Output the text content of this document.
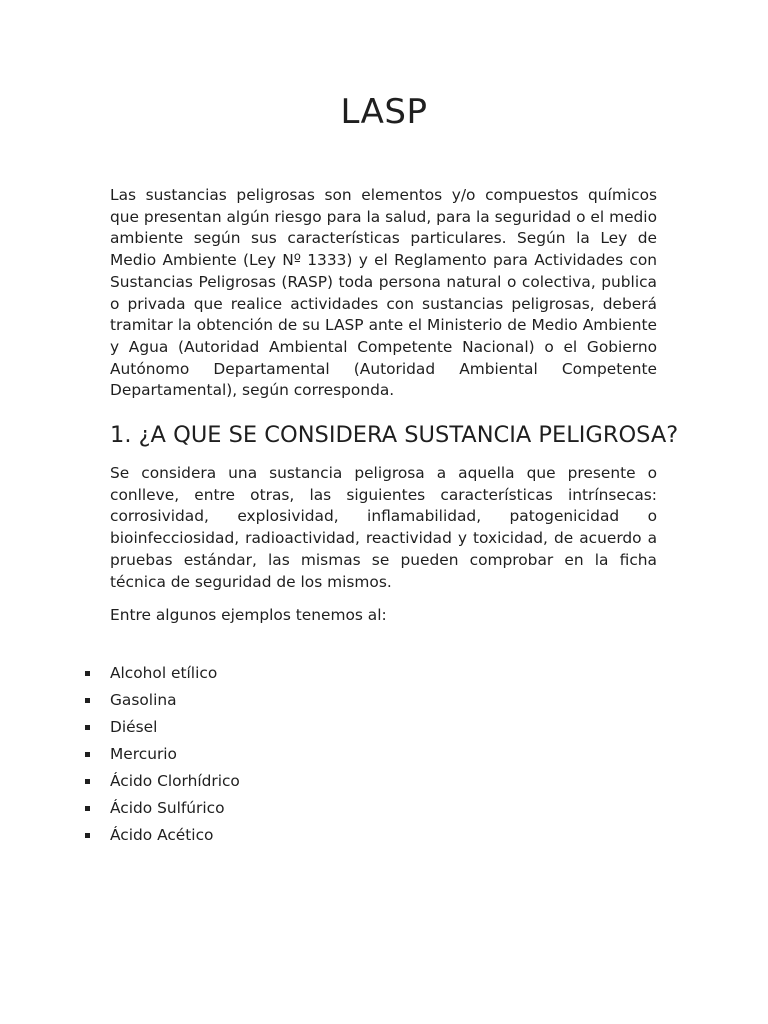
LASP

Las sustancias peligrosas son elementos y/o compuestos químicos que presentan algún riesgo para la salud, para la seguridad o el medio ambiente según sus características particulares. Según la Ley de Medio Ambiente (Ley Nº 1333) y el Reglamento para Actividades con Sustancias Peligrosas (RASP) toda persona natural o colectiva, publica o privada que realice actividades con sustancias peligrosas, deberá tramitar la obtención de su LASP ante el Ministerio de Medio Ambiente y Agua (Autoridad Ambiental Competente Nacional) o el Gobierno Autónomo Departamental (Autoridad Ambiental Competente Departamental), según corresponda.

1. ¿A QUE SE CONSIDERA SUSTANCIA PELIGROSA?

Se considera una sustancia peligrosa a aquella que presente o conlleve, entre otras, las siguientes características intrínsecas: corrosividad, explosividad, inflamabilidad, patogenicidad o bioinfecciosidad, radioactividad, reactividad y toxicidad, de acuerdo a pruebas estándar, las mismas se pueden comprobar en la ficha técnica de seguridad de los mismos.

Entre algunos ejemplos tenemos al:

Alcohol etílico
Gasolina
Diésel
Mercurio
Ácido Clorhídrico
Ácido Sulfúrico
Ácido Acético
